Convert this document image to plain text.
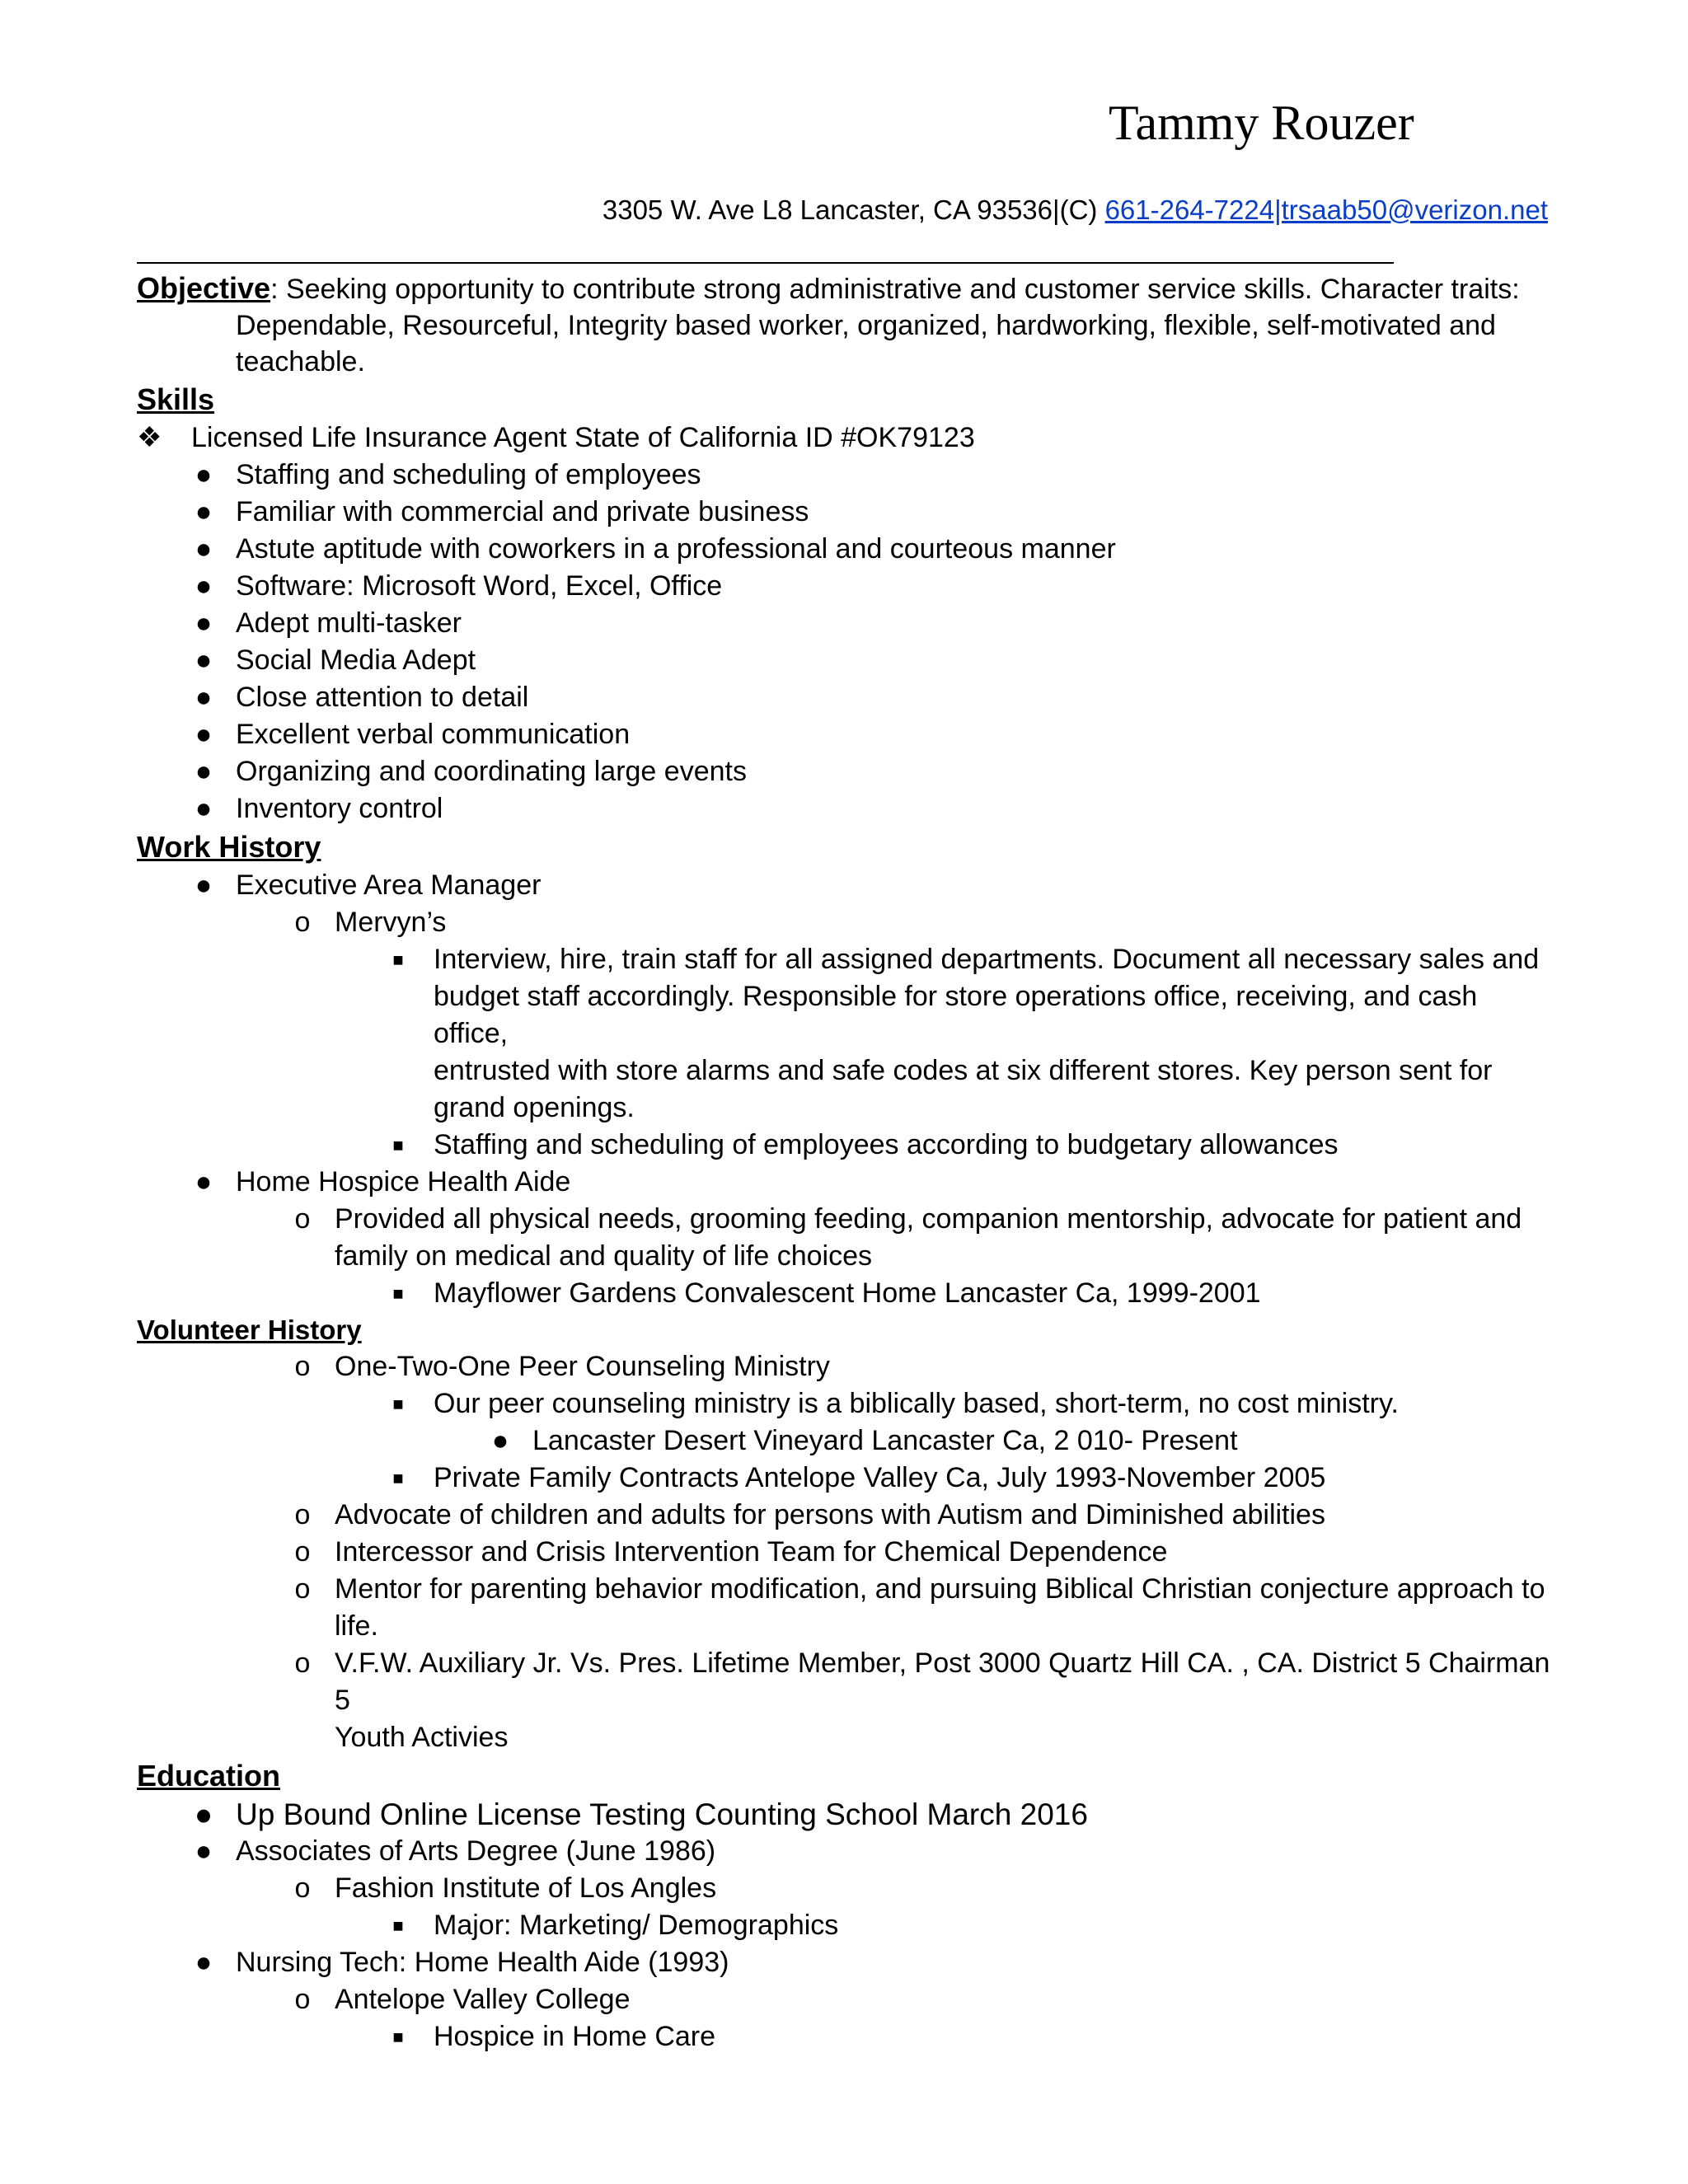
Tammy Rouzer
3305 W. Ave L8 Lancaster, CA 93536|(C) 661-264-7224|trsaab50@verizon.net
Objective: Seeking opportunity to contribute strong administrative and customer service skills. Character traits:
Dependable, Resourceful, Integrity based worker, organized, hardworking, flexible, self-motivated and
teachable.
Skills
❖ Licensed Life Insurance Agent State of California ID #OK79123
● Staffing and scheduling of employees
● Familiar with commercial and private business
● Astute aptitude with coworkers in a professional and courteous manner
● Software: Microsoft Word, Excel, Office
● Adept multi-tasker
● Social Media Adept
● Close attention to detail
● Excellent verbal communication
● Organizing and coordinating large events
● Inventory control
Work History
● Executive Area Manager
o Mervyn’s
■ Interview, hire, train staff for all assigned departments. Document all necessary sales and
budget staff accordingly. Responsible for store operations office, receiving, and cash office,
entrusted with store alarms and safe codes at six different stores. Key person sent for
grand openings.
■ Staffing and scheduling of employees according to budgetary allowances
● Home Hospice Health Aide
o Provided all physical needs, grooming feeding, companion mentorship, advocate for patient and
family on medical and quality of life choices
■ Mayflower Gardens Convalescent Home Lancaster Ca, 1999-2001
Volunteer History
o One-Two-One Peer Counseling Ministry
■ Our peer counseling ministry is a biblically based, short-term, no cost ministry.
● Lancaster Desert Vineyard Lancaster Ca, 2 010- Present
■ Private Family Contracts Antelope Valley Ca, July 1993-November 2005
o Advocate of children and adults for persons with Autism and Diminished abilities
o Intercessor and Crisis Intervention Team for Chemical Dependence
o Mentor for parenting behavior modification, and pursuing Biblical Christian conjecture approach to
life.
o V.F.W. Auxiliary Jr. Vs. Pres. Lifetime Member, Post 3000 Quartz Hill CA. , CA. District 5 Chairman 5
Youth Activies
Education
● Up Bound Online License Testing Counting School March 2016
● Associates of Arts Degree (June 1986)
o Fashion Institute of Los Angles
■ Major: Marketing/ Demographics
● Nursing Tech: Home Health Aide (1993)
o Antelope Valley College
■ Hospice in Home Care
